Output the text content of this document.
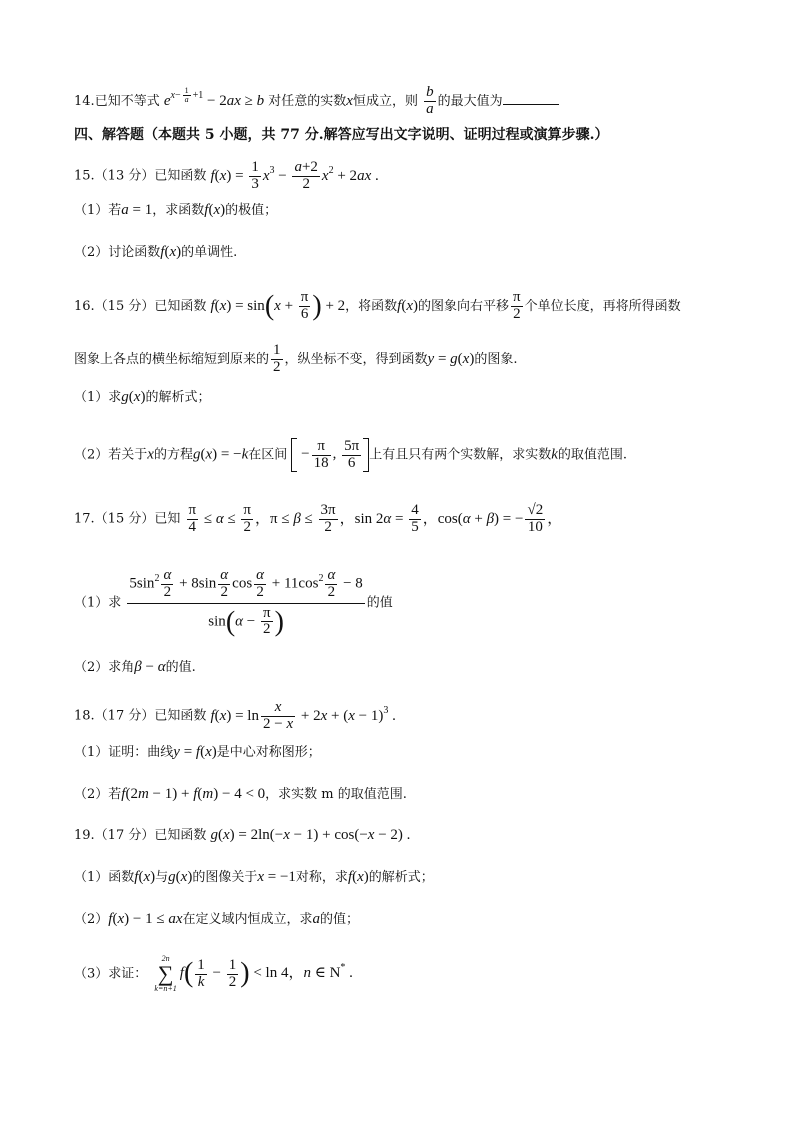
14.已知不等式 $e^{x- \frac{1}{a} +1} - 2ax \ge b$ 对任意的实数x恒成立，则 $\frac{b}{a}$ 的最大值为
四、解答题（本题共 5 小题，共 77 分.解答应写出文字说明、证明过程或演算步骤.）
15.（13 分）已知函数 $f(x) = \frac{1}{3} x^3 - \frac{a+2}{2} x^2 + 2ax$ .
（1）若a = 1，求函数f(x)的极值；
（2）讨论函数f(x)的单调性.
16.（15 分）已知函数 $f(x) = \sin(x + \frac{\pi}{6}$ ) + 2，将函数f(x)的图象向右平移 $\frac{\pi}{2}$ 个单位长度，再将所得函数
图象上各点的横坐标缩短到原来的 $\frac{1}{2}$ ，纵坐标不变，得到函数y = g(x)的图象.
（1）求g(x)的解析式；
（2）若关于x的方程g(x) = −k在区间  − $\frac{\pi}{18}$ , $\frac{5\pi}{6}$ 上有且只有两个实数解，求实数k的取值范围.
17.（15 分）已知 $\frac{\pi}{4} \le \alpha \le \frac{\pi}{2}$ ，$\pi \le \beta \le \frac{3\pi}{2}$ ，$\sin 2\alpha = \frac{4}{5}$ ，cos(α + β) = − $\frac{√2}{10}$ ，
（1）求 $\frac{5\sin^2 \frac{\alpha}{2} + 8\sin \frac{\alpha}{2} \cos \frac{\alpha}{2} + 11\cos^2 \frac{\alpha}{2} - 8}{\sin(\alpha - \frac{\pi}{2} )}$ 的值
（2）求角β − α的值.
18.（17 分）已知函数 $f(x) = \ln \frac{x}{2 - x} + 2x + (x - 1)^3$ .
（1）证明：曲线y = f(x)是中心对称图形；
（2）若f(2m − 1) + f(m) − 4 < 0，求实数 m 的取值范围.
19.（17 分）已知函数 g(x) = 2ln(−x − 1) + cos(−x − 2) .
（1）函数f(x)与g(x)的图像关于x = −1对称，求f(x)的解析式；
（2）f(x) − 1 ≤ ax在定义域内恒成立，求a的值；
（3）求证：
2n
∑
k=n+1
$f( \frac{1}{k} - \frac{1}{2}$ ) < ln 4，n ∈ N* .
